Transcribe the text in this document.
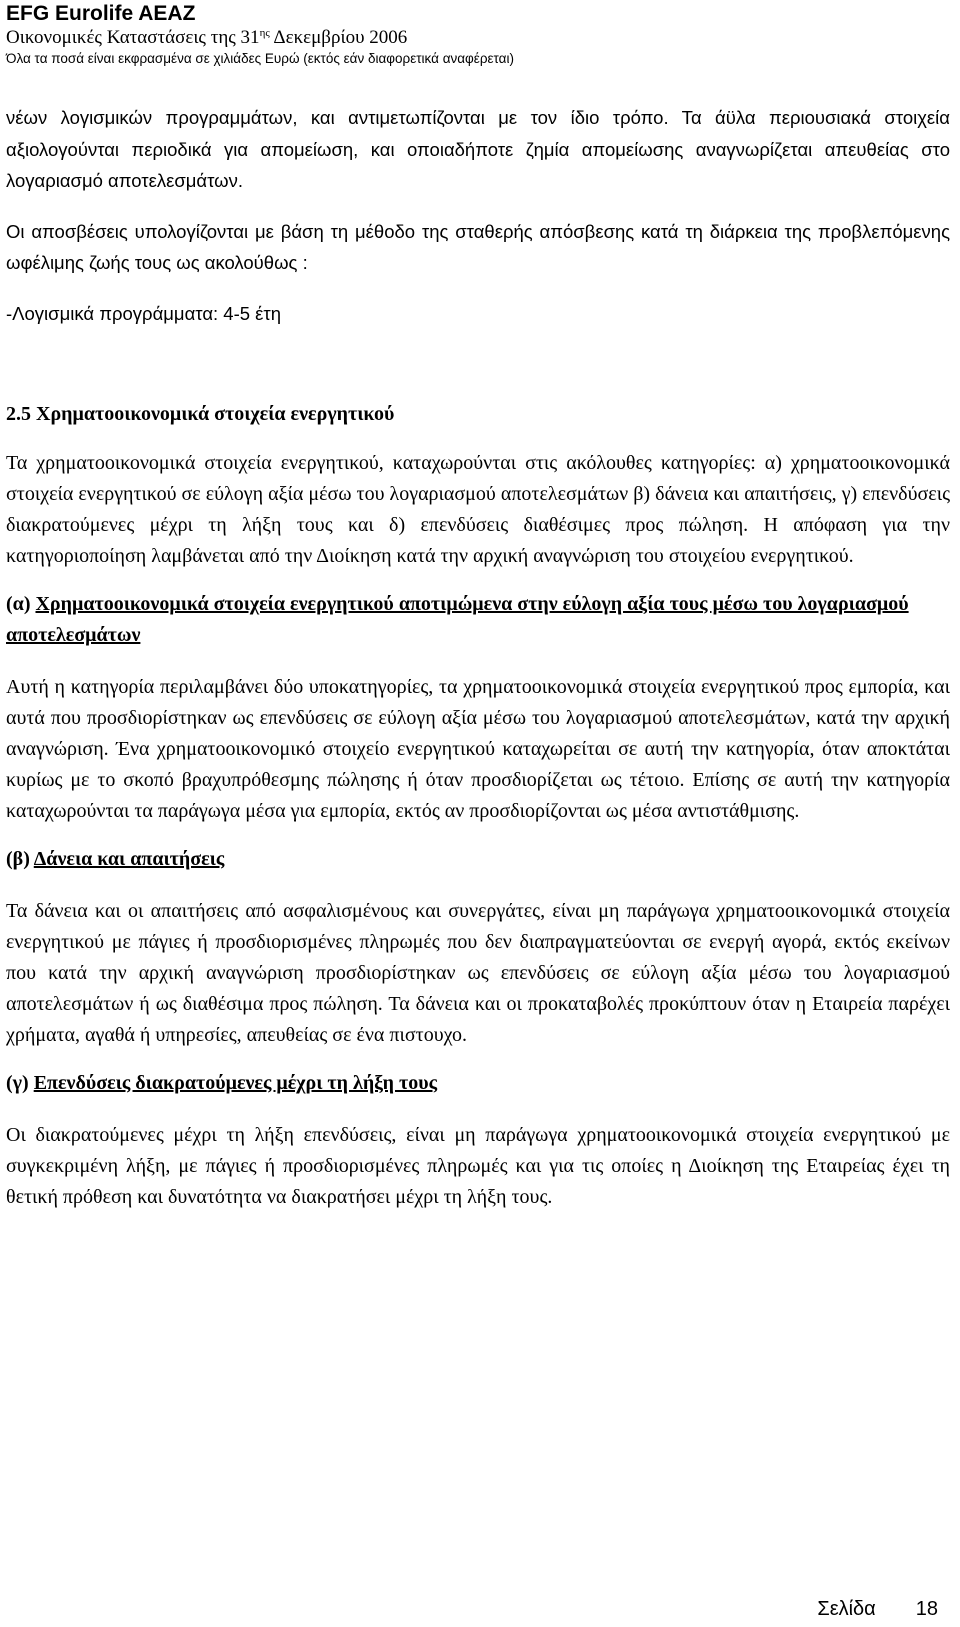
EFG Eurolife AEAZ

Οικονομικές Καταστάσεις της $31^{\eta\varsigma}$ Δεκεμβρίου 2006

Όλα τα ποσά είναι εκφρασμένα σε χιλιάδες Ευρώ (εκτός εάν διαφορετικά αναφέρεται)

νέων λογισμικών προγραμμάτων, και αντιμετωπίζονται με τον ίδιο τρόπο. Τα άϋλα περιουσιακά στοιχεία αξιολογούνται περιοδικά για απομείωση, και οποιαδήποτε ζημία απομείωσης αναγνωρίζεται απευθείας στο λογαριασμό αποτελεσμάτων.

Οι αποσβέσεις υπολογίζονται με βάση τη μέθοδο της σταθερής απόσβεσης κατά τη διάρκεια της προβλεπόμενης ωφέλιμης ζωής τους ως ακολούθως :

-Λογισμικά προγράμματα: 4-5 έτη

2.5 Χρηματοοικονομικά στοιχεία ενεργητικού

Τα χρηματοοικονομικά στοιχεία ενεργητικού, καταχωρούνται στις ακόλουθες κατηγορίες: α) χρηματοοικονομικά στοιχεία ενεργητικού σε εύλογη αξία μέσω του λογαριασμού αποτελεσμάτων β) δάνεια και απαιτήσεις, γ) επενδύσεις διακρατούμενες μέχρι τη λήξη τους και δ) επενδύσεις διαθέσιμες προς πώληση. Η απόφαση για την κατηγοριοποίηση λαμβάνεται από την Διοίκηση κατά την αρχική αναγνώριση του στοιχείου ενεργητικού.

(α) Χρηματοοικονομικά στοιχεία ενεργητικού αποτιμώμενα στην εύλογη αξία τους μέσω του λογαριασμού αποτελεσμάτων

Αυτή η κατηγορία περιλαμβάνει δύο υποκατηγορίες, τα χρηματοοικονομικά στοιχεία ενεργητικού προς εμπορία, και αυτά που προσδιορίστηκαν ως επενδύσεις σε εύλογη αξία μέσω του λογαριασμού αποτελεσμάτων, κατά την αρχική αναγνώριση. Ένα χρηματοοικονομικό στοιχείο ενεργητικού καταχωρείται σε αυτή την κατηγορία, όταν αποκτάται κυρίως με το σκοπό βραχυπρόθεσμης πώλησης ή όταν προσδιορίζεται ως τέτοιο. Επίσης σε αυτή την κατηγορία καταχωρούνται τα παράγωγα μέσα για εμπορία, εκτός αν προσδιορίζονται ως μέσα αντιστάθμισης.

(β) Δάνεια και απαιτήσεις

Τα δάνεια και οι απαιτήσεις από ασφαλισμένους και συνεργάτες, είναι μη παράγωγα χρηματοοικονομικά στοιχεία ενεργητικού με πάγιες ή προσδιορισμένες πληρωμές που δεν διαπραγματεύονται σε ενεργή αγορά, εκτός εκείνων που κατά την αρχική αναγνώριση προσδιορίστηκαν ως επενδύσεις σε εύλογη αξία μέσω του λογαριασμού αποτελεσμάτων ή ως διαθέσιμα προς πώληση. Τα δάνεια και οι προκαταβολές προκύπτουν όταν η Εταιρεία παρέχει χρήματα, αγαθά ή υπηρεσίες, απευθείας σε ένα πιστουχο.

(γ) Επενδύσεις διακρατούμενες μέχρι τη λήξη τους

Οι διακρατούμενες μέχρι τη λήξη επενδύσεις, είναι μη παράγωγα χρηματοοικονομικά στοιχεία ενεργητικού με συγκεκριμένη λήξη, με πάγιες ή προσδιορισμένες πληρωμές και για τις οποίες η Διοίκηση της Εταιρείας έχει τη θετική πρόθεση και δυνατότητα να διακρατήσει μέχρι τη λήξη τους.

Σελίδα 18
